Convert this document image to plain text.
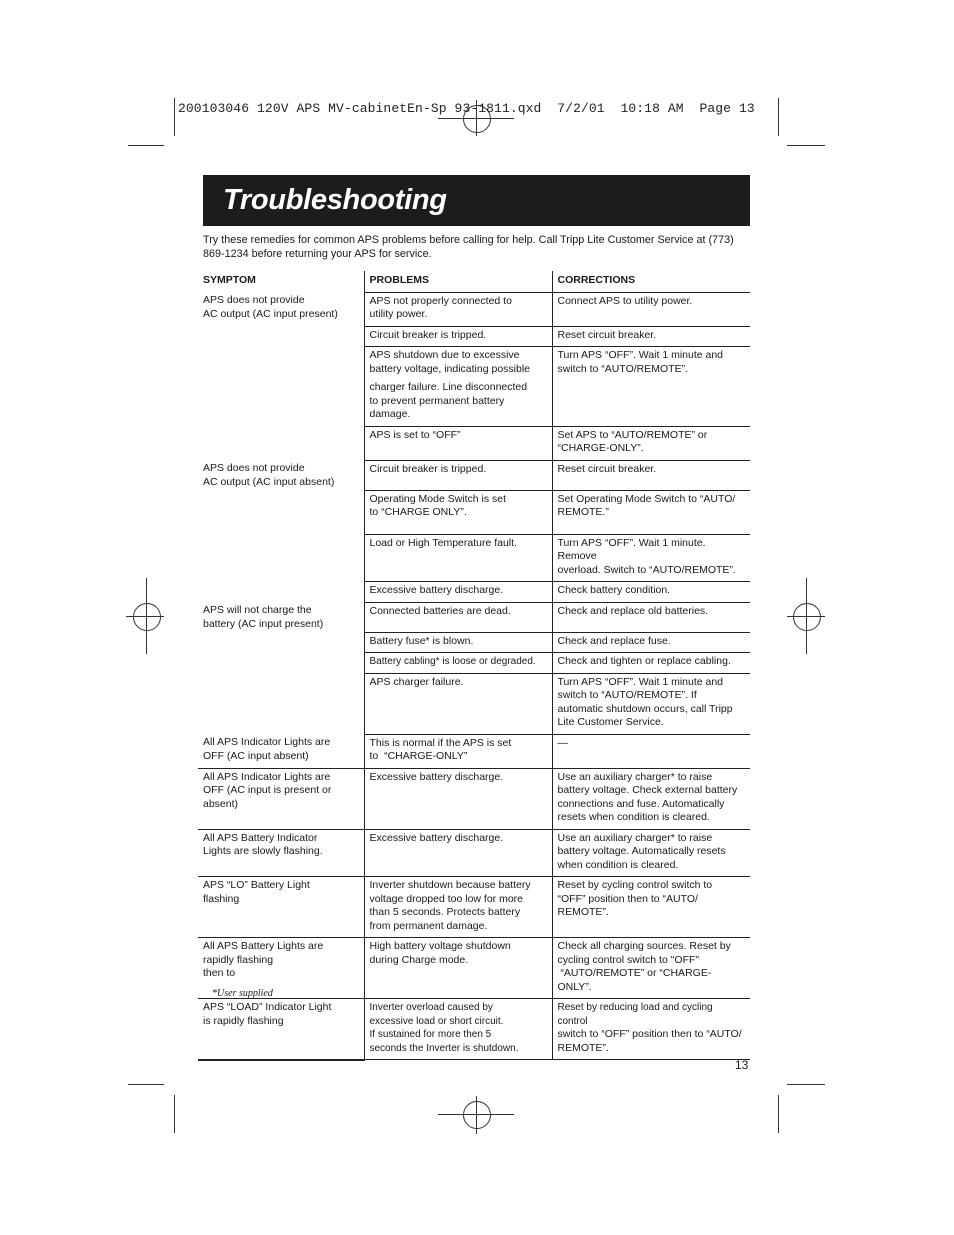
200103046 120V APS MV-cabinetEn-Sp 93-1811.qxd  7/2/01  10:18 AM  Page 13
Troubleshooting

Try these remedies for common APS problems before calling for help. Call Tripp Lite Customer Service at (773) 869-1234 before returning your APS for service.

SYMPTOM	PROBLEMS	CORRECTIONS

APS does not provide
AC output (AC input present)	APS not properly connected to
utility power.	Connect APS to utility power.

	Circuit breaker is tripped.	Reset circuit breaker.

	APS shutdown due to excessive
battery voltage, indicating possible
charger failure. Line disconnected
to prevent permanent battery
damage.	Turn APS “OFF”. Wait 1 minute and
switch to “AUTO/REMOTE”.

	APS is set to “OFF”	Set APS to “AUTO/REMOTE” or
“CHARGE-ONLY”.

APS does not provide
AC output (AC input absent)	Circuit breaker is tripped.	Reset circuit breaker.

	Operating Mode Switch is set
to “CHARGE ONLY”.	Set Operating Mode Switch to “AUTO/
REMOTE.”

	Load or High Temperature fault.	Turn APS “OFF”. Wait 1 minute. Remove
overload. Switch to “AUTO/REMOTE”.

	Excessive battery discharge.	Check battery condition.

APS will not charge the
battery (AC input present)	Connected batteries are dead.	Check and replace old batteries.

	Battery fuse* is blown.	Check and replace fuse.

	Battery cabling* is loose or degraded.	Check and tighten or replace cabling.

	APS charger failure.	Turn APS “OFF”. Wait 1 minute and
switch to “AUTO/REMOTE”. If
automatic shutdown occurs, call Tripp
Lite Customer Service.

All APS Indicator Lights are
OFF (AC input absent)	This is normal if the APS is set
to  “CHARGE-ONLY”	—

All APS Indicator Lights are
OFF (AC input is present or
absent)	Excessive battery discharge.	Use an auxiliary charger* to raise
battery voltage. Check external battery
connections and fuse. Automatically
resets when condition is cleared.

All APS Battery Indicator
Lights are slowly flashing.	Excessive battery discharge.	Use an auxiliary charger* to raise
battery voltage. Automatically resets
when condition is cleared.

APS “LO” Battery Light
flashing	Inverter shutdown because battery
voltage dropped too low for more
than 5 seconds. Protects battery
from permanent damage.	Reset by cycling control switch to
“OFF” position then to “AUTO/
REMOTE”.

All APS Battery Lights are
rapidly flashing
then to	High battery voltage shutdown
during Charge mode.	Check all charging sources. Reset by
cycling control switch to "OFF"
“AUTO/REMOTE” or “CHARGE-ONLY”.

APS “LOAD” Indicator Light
is rapidly flashing	Inverter overload caused by
excessive load or short circuit.
If sustained for more then 5
seconds the Inverter is shutdown.	Reset by reducing load and cycling control
switch to “OFF” position then to “AUTO/
REMOTE”.
*User supplied
13
